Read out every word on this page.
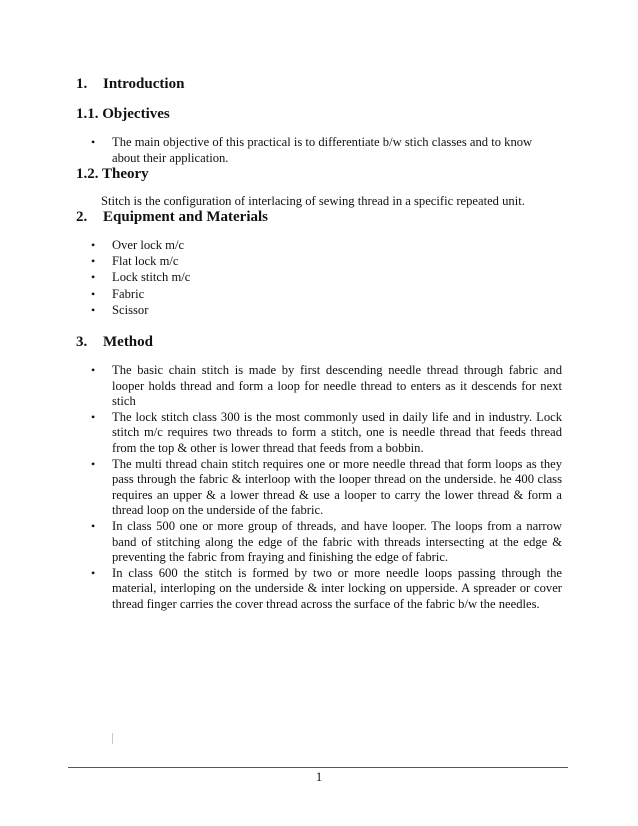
1. Introduction
1.1. Objectives
• The main objective of this practical is to differentiate b/w stich classes and to know about their application.
1.2. Theory

Stitch is the configuration of interlacing of sewing thread in a specific repeated unit.

2. Equipment and Materials
• Over lock m/c
• Flat lock m/c
• Lock stitch m/c
• Fabric
• Scissor
3. Method
• The basic chain stitch is made by first descending needle thread through fabric and looper holds thread and form a loop for needle thread to enters as it descends for next stich
• The lock stitch class 300 is the most commonly used in daily life and in industry. Lock stitch m/c requires two threads to form a stitch, one is needle thread that feeds thread from the top & other is lower thread that feeds from a bobbin.
• The multi thread chain stitch requires one or more needle thread that form loops as they pass through the fabric & interloop with the looper thread on the underside. he 400 class requires an upper & a lower thread & use a looper to carry the lower thread & form a thread loop on the underside of the fabric.
• In class 500 one or more group of threads, and have looper. The loops from a narrow band of stitching along the edge of the fabric with threads intersecting at the edge & preventing the fabric from fraying and finishing the edge of fabric.
• In class 600 the stitch is formed by two or more needle loops passing through the material, interloping on the underside & inter locking on upperside. A spreader or cover thread finger carries the cover thread across the surface of the fabric b/w the needles.
1
